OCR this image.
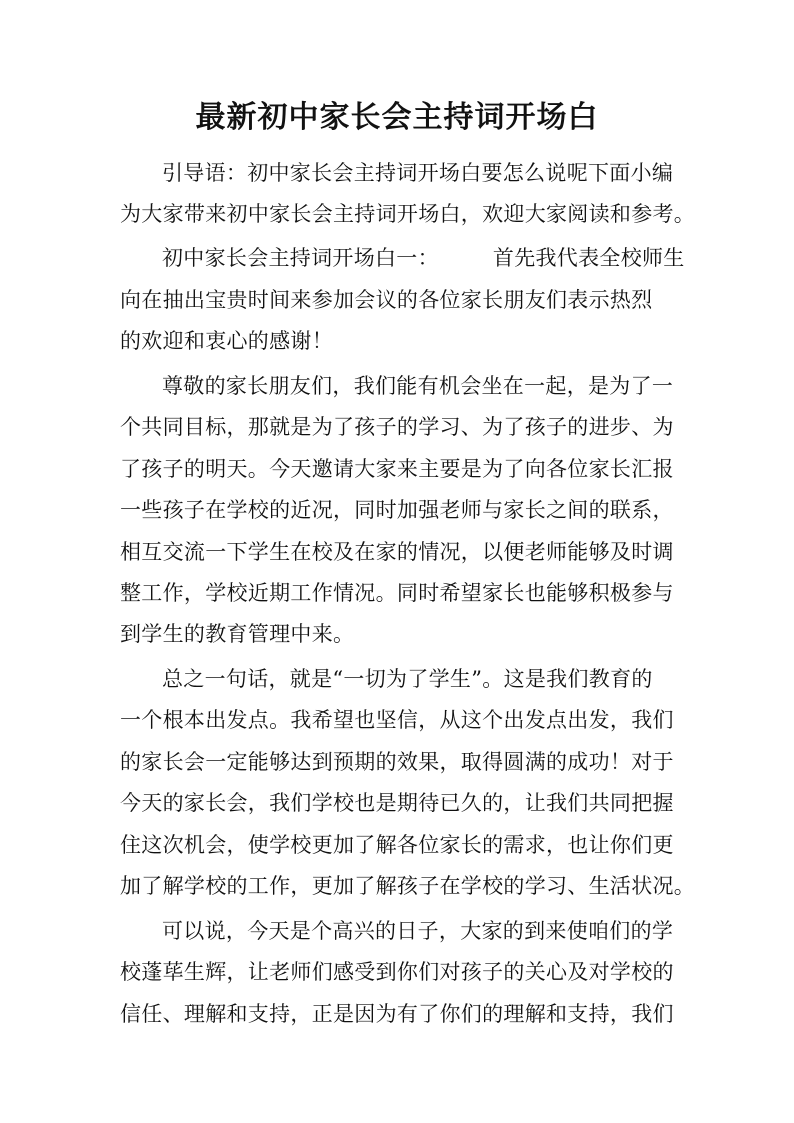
最新初中家长会主持词开场白
引导语：初中家长会主持词开场白要怎么说呢下面小编
为大家带来初中家长会主持词开场白，欢迎大家阅读和参考。
初中家长会主持词开场白一：	首先我代表全校师生
向在抽出宝贵时间来参加会议的各位家长朋友们表示热烈
的欢迎和衷心的感谢！
尊敬的家长朋友们，我们能有机会坐在一起，是为了一
个共同目标，那就是为了孩子的学习、为了孩子的进步、为
了孩子的明天。今天邀请大家来主要是为了向各位家长汇报
一些孩子在学校的近况，同时加强老师与家长之间的联系，
相互交流一下学生在校及在家的情况，以便老师能够及时调
整工作，学校近期工作情况。同时希望家长也能够积极参与
到学生的教育管理中来。
总之一句话，就是“一切为了学生”。这是我们教育的
一个根本出发点。我希望也坚信，从这个出发点出发，我们
的家长会一定能够达到预期的效果，取得圆满的成功！对于
今天的家长会，我们学校也是期待已久的，让我们共同把握
住这次机会，使学校更加了解各位家长的需求，也让你们更
加了解学校的工作，更加了解孩子在学校的学习、生活状况。
可以说，今天是个高兴的日子，大家的到来使咱们的学
校蓬荜生辉，让老师们感受到你们对孩子的关心及对学校的
信任、理解和支持，正是因为有了你们的理解和支持，我们
